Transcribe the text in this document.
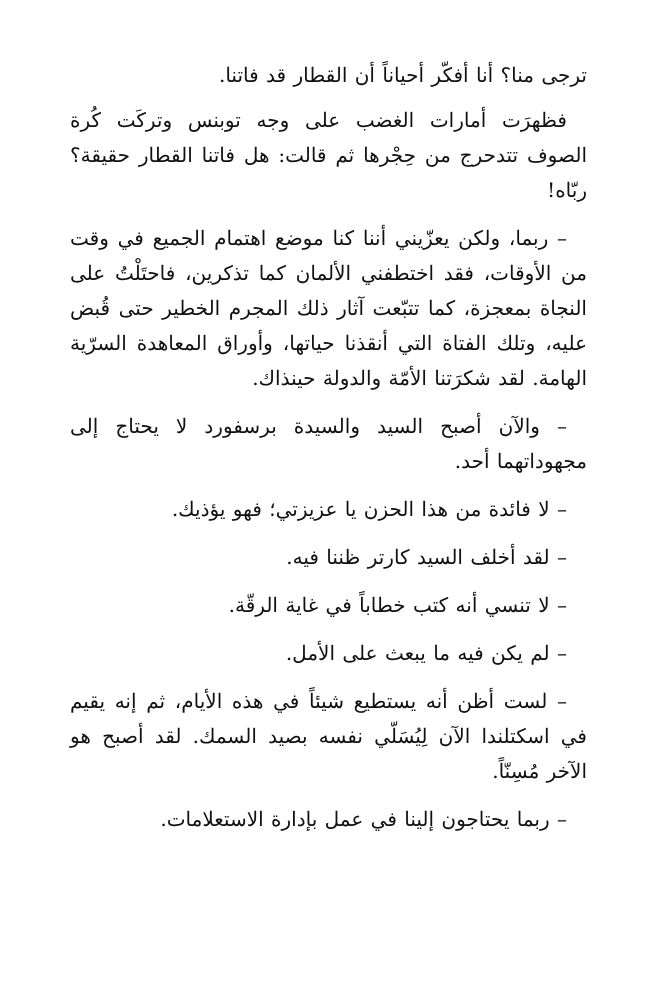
ترجى منا؟ أنا أفكّر أحياناً أن القطار قد فاتنا.

فظهرَت أمارات الغضب على وجه توبنس وتركَت كُرة الصوف تتدحرج من حِجْرها ثم قالت: هل فاتنا القطار حقيقة؟ ربّاه!

– ربما، ولكن يعزّيني أننا كنا موضع اهتمام الجميع في وقت من الأوقات، فقد اختطفني الألمان كما تذكرين، فاحتَلْتُ على النجاة بمعجزة، كما تتبّعت آثار ذلك المجرم الخطير حتى قُبض عليه، وتلك الفتاة التي أنقذنا حياتها، وأوراق المعاهدة السرّية الهامة. لقد شكرَتنا الأمّة والدولة حينذاك.

– والآن أصبح السيد والسيدة برسفورد لا يحتاج إلى مجهوداتهما أحد.

– لا فائدة من هذا الحزن يا عزيزتي؛ فهو يؤذيك.

– لقد أخلف السيد كارتر ظننا فيه.

– لا تنسي أنه كتب خطاباً في غاية الرقّة.

– لم يكن فيه ما يبعث على الأمل.

– لست أظن أنه يستطيع شيئاً في هذه الأيام، ثم إنه يقيم في اسكتلندا الآن لِيُسَلّي نفسه بصيد السمك. لقد أصبح هو الآخر مُسِنّاً.

– ربما يحتاجون إلينا في عمل بإدارة الاستعلامات.
